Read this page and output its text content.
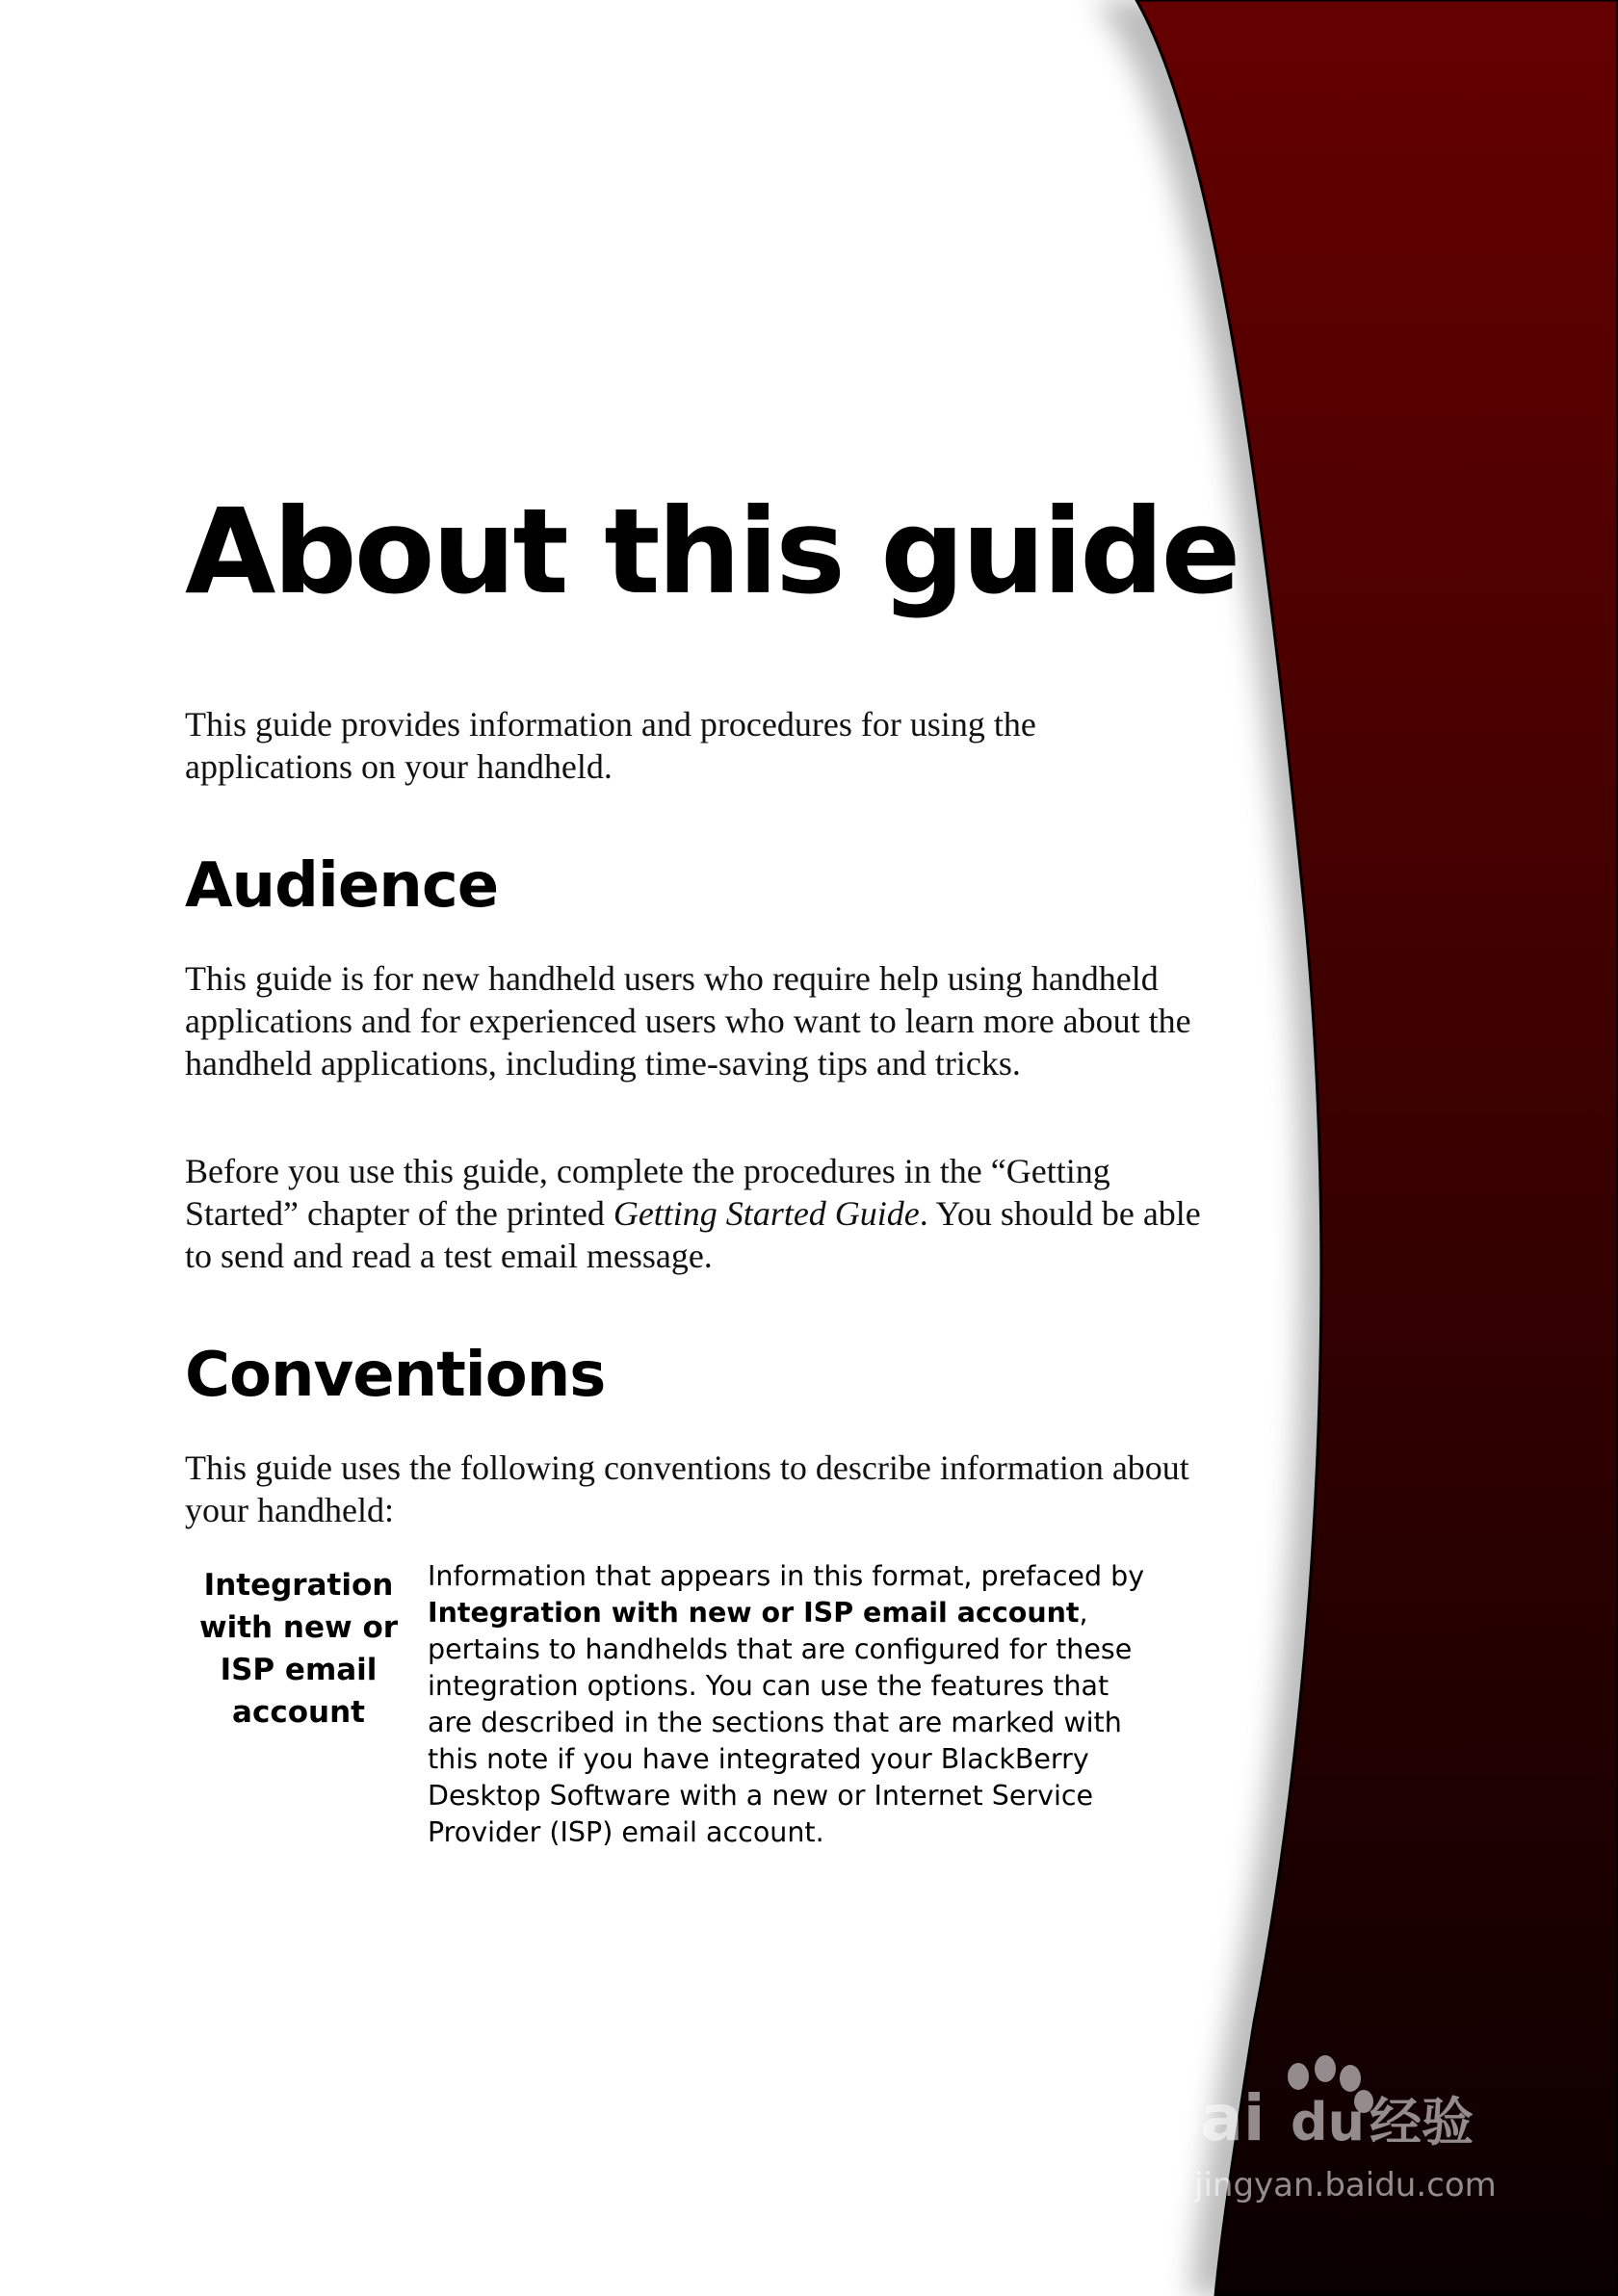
About this guide

This guide provides information and procedures for using the applications on your handheld.

Audience

This guide is for new handheld users who require help using handheld applications and for experienced users who want to learn more about the handheld applications, including time-saving tips and tricks.

Before you use this guide, complete the procedures in the “Getting Started” chapter of the printed Getting Started Guide. You should be able to send and read a test email message.

Conventions

This guide uses the following conventions to describe information about your handheld:

Integration with new or ISP email account
Information that appears in this format, prefaced by Integration with new or ISP email account, pertains to handhelds that are configured for these integration options. You can use the features that are described in the sections that are marked with this note if you have integrated your BlackBerry Desktop Software with a new or Internet Service Provider (ISP) email account.
Bai du 经验
jingyan.baidu.com
